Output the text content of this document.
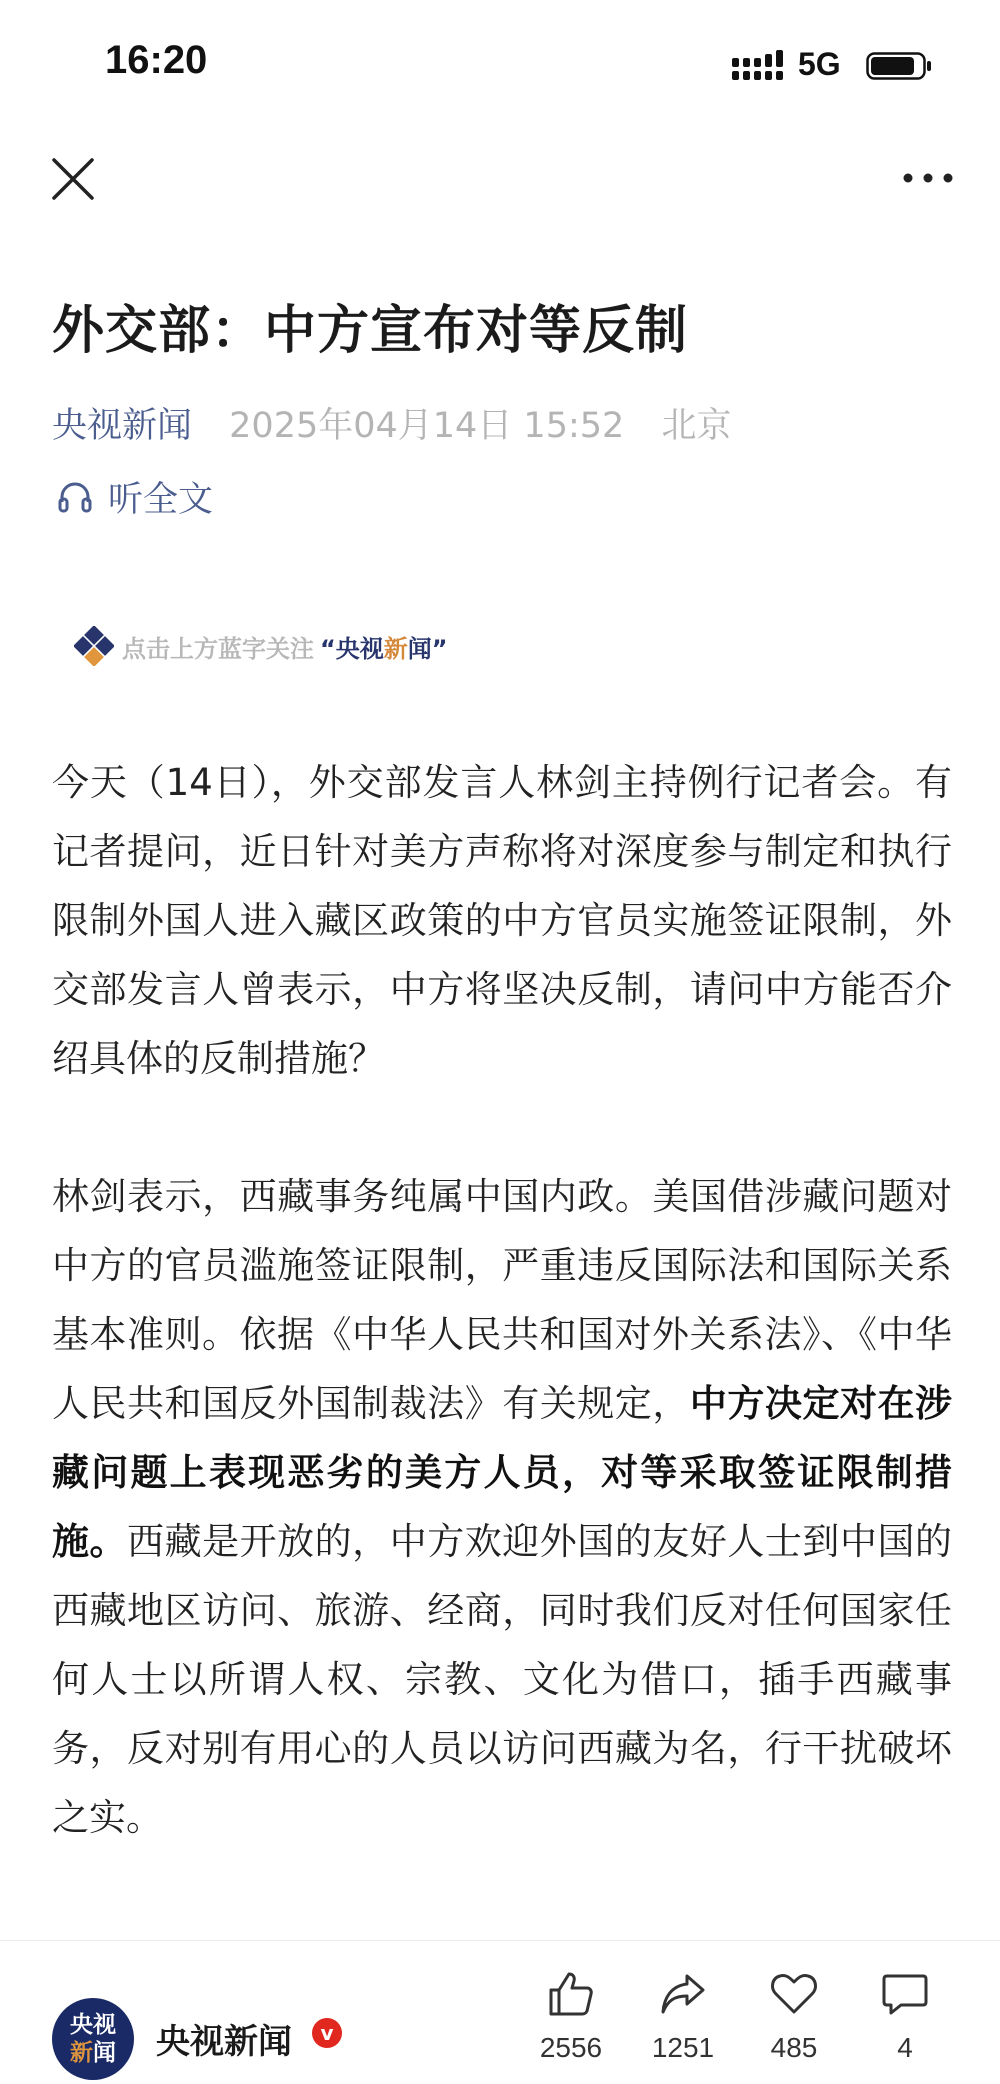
16:20	5G
外交部：中方宣布对等反制
央视新闻 2025年04月14日 15:52 北京
听全文
点击上方蓝字关注 “央视新闻”

今天（14日），外交部发言人林剑主持例行记者会。有记者提问，近日针对美方声称将对深度参与制定和执行限制外国人进入藏区政策的中方官员实施签证限制，外交部发言人曾表示，中方将坚决反制，请问中方能否介绍具体的反制措施？

林剑表示，西藏事务纯属中国内政。美国借涉藏问题对中方的官员滥施签证限制，严重违反国际法和国际关系基本准则。依据《中华人民共和国对外关系法》、《中华人民共和国反外国制裁法》有关规定，中方决定对在涉藏问题上表现恶劣的美方人员，对等采取签证限制措施。西藏是开放的，中方欢迎外国的友好人士到中国的西藏地区访问、旅游、经商，同时我们反对任何国家任何人士以所谓人权、宗教、文化为借口，插手西藏事务，反对别有用心的人员以访问西藏为名，行干扰破坏之实。

央视
新闻 央视新闻	v	2556	1251	485	4
